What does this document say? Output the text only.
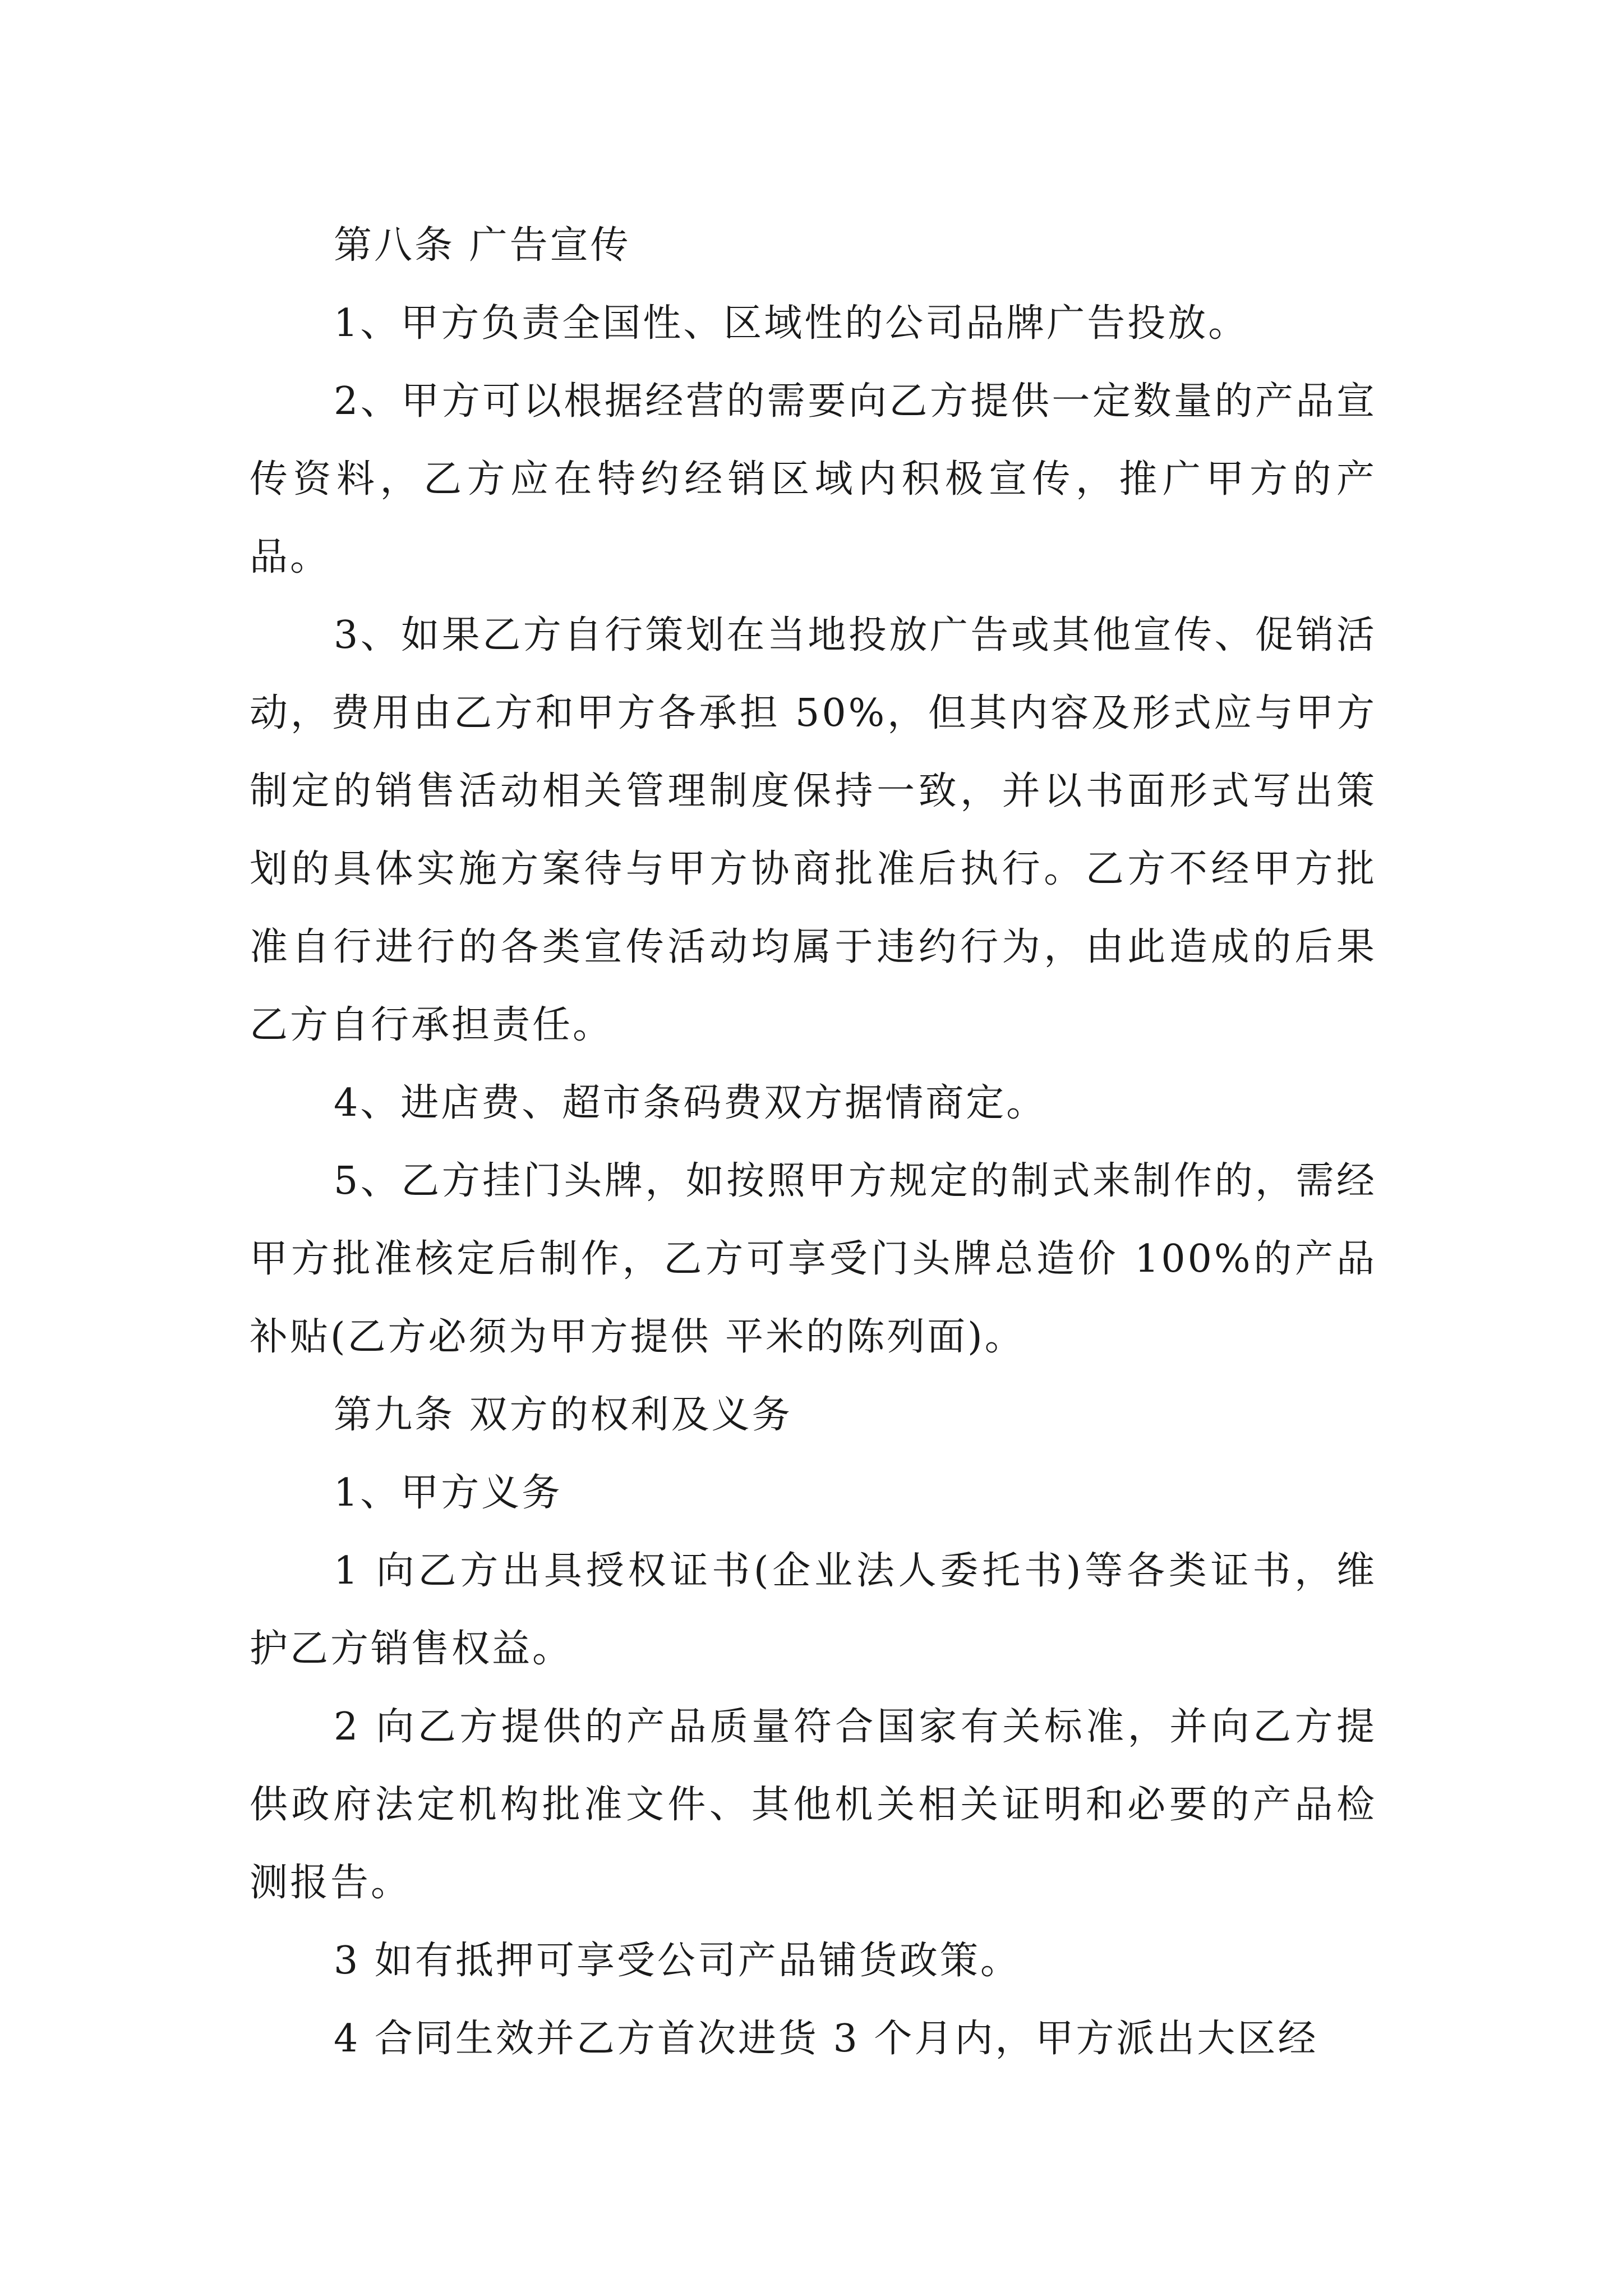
第八条 广告宣传

1、甲方负责全国性、区域性的公司品牌广告投放。

2、甲方可以根据经营的需要向乙方提供一定数量的产品宣传资料，乙方应在特约经销区域内积极宣传，推广甲方的产品。

3、如果乙方自行策划在当地投放广告或其他宣传、促销活动，费用由乙方和甲方各承担 50%，但其内容及形式应与甲方制定的销售活动相关管理制度保持一致，并以书面形式写出策划的具体实施方案待与甲方协商批准后执行。乙方不经甲方批准自行进行的各类宣传活动均属于违约行为，由此造成的后果乙方自行承担责任。

4、进店费、超市条码费双方据情商定。

5、乙方挂门头牌，如按照甲方规定的制式来制作的，需经甲方批准核定后制作，乙方可享受门头牌总造价 100%的产品补贴(乙方必须为甲方提供 平米的陈列面)。

第九条 双方的权利及义务

1、甲方义务

1 向乙方出具授权证书(企业法人委托书)等各类证书，维护乙方销售权益。

2 向乙方提供的产品质量符合国家有关标准，并向乙方提供政府法定机构批准文件、其他机关相关证明和必要的产品检测报告。

3 如有抵押可享受公司产品铺货政策。

4 合同生效并乙方首次进货 3 个月内，甲方派出大区经
